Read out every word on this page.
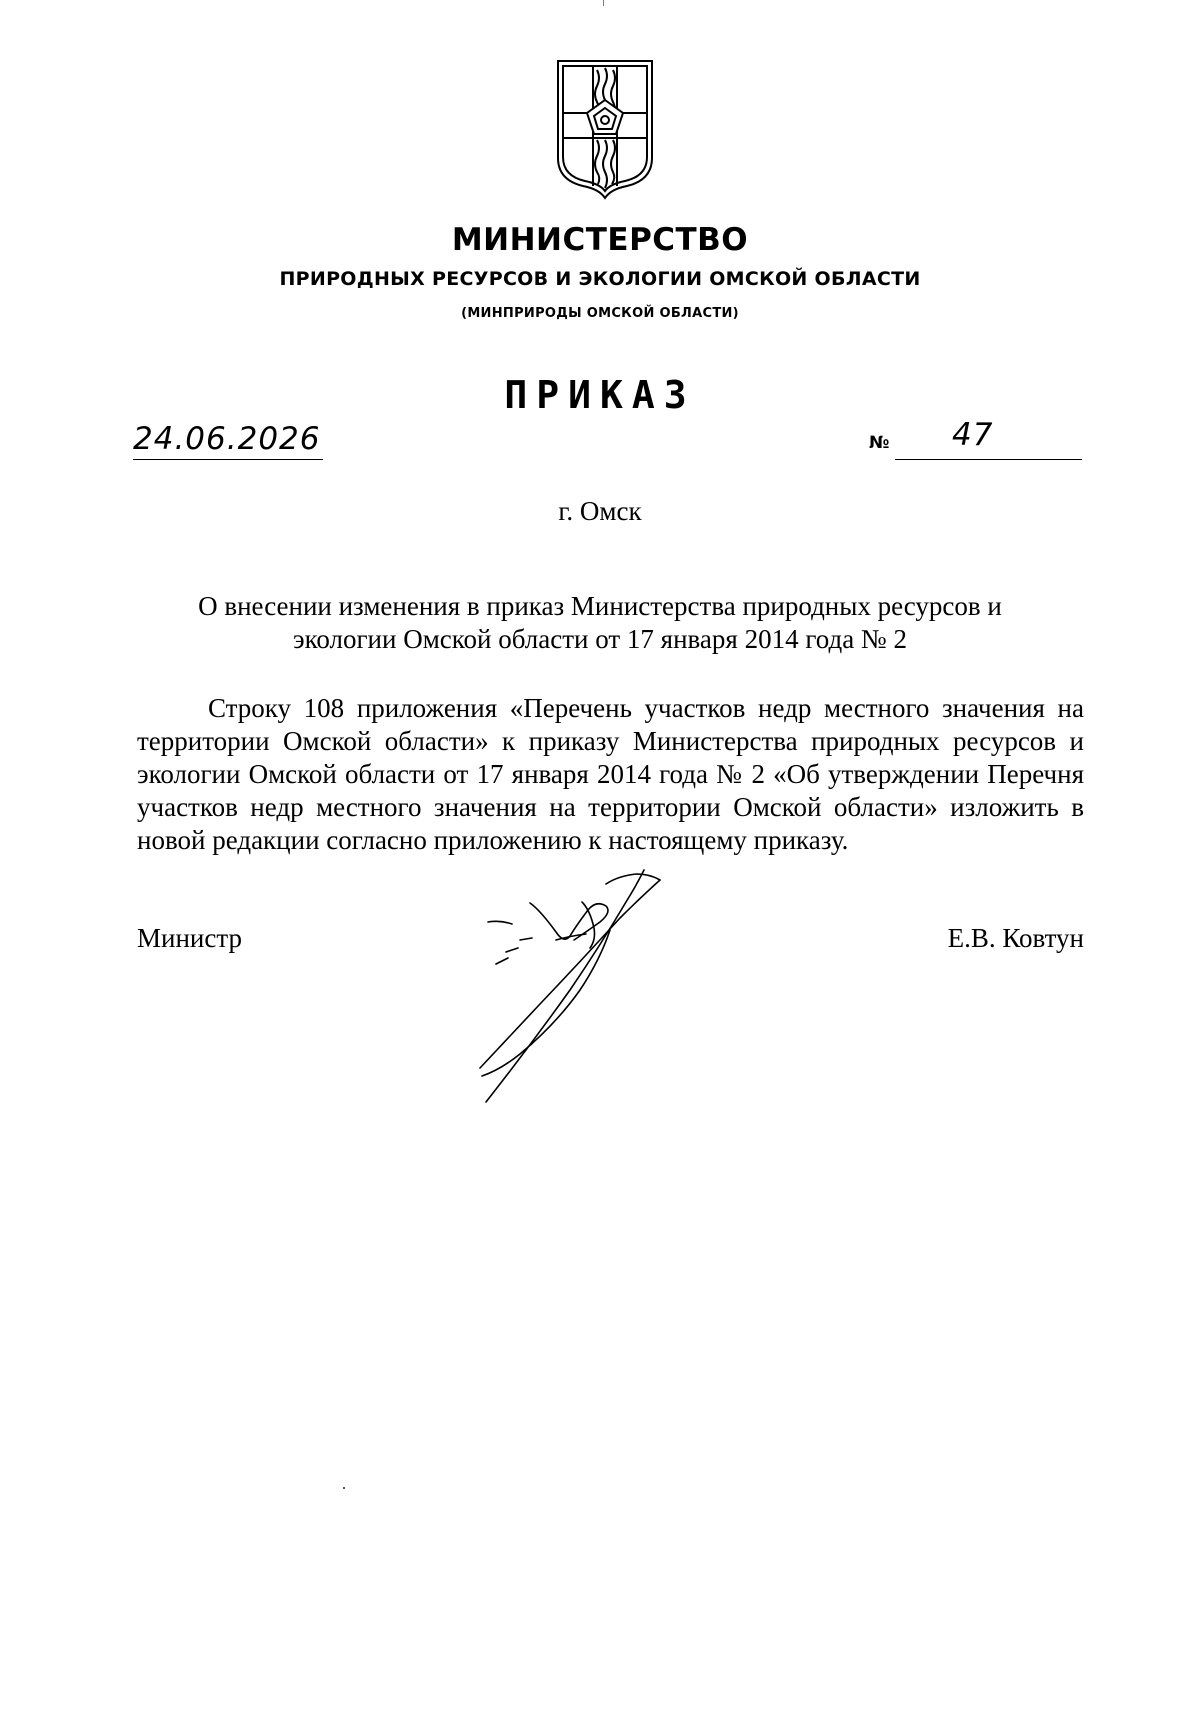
МИНИСТЕРСТВО
ПРИРОДНЫХ РЕСУРСОВ И ЭКОЛОГИИ ОМСКОЙ ОБЛАСТИ
(МИНПРИРОДЫ ОМСКОЙ ОБЛАСТИ)
ПРИКАЗ
24.06.2026	№ 47
г. Омск
О внесении изменения в приказ Министерства природных ресурсов и экологии Омской области от 17 января 2014 года № 2
Строку 108 приложения «Перечень участков недр местного значения на территории Омской области» к приказу Министерства природных ресурсов и экологии Омской области от 17 января 2014 года № 2 «Об утверждении Перечня участков недр местного значения на территории Омской области» изложить в новой редакции согласно приложению к настоящему приказу.
Министр	Е.В. Ковтун
